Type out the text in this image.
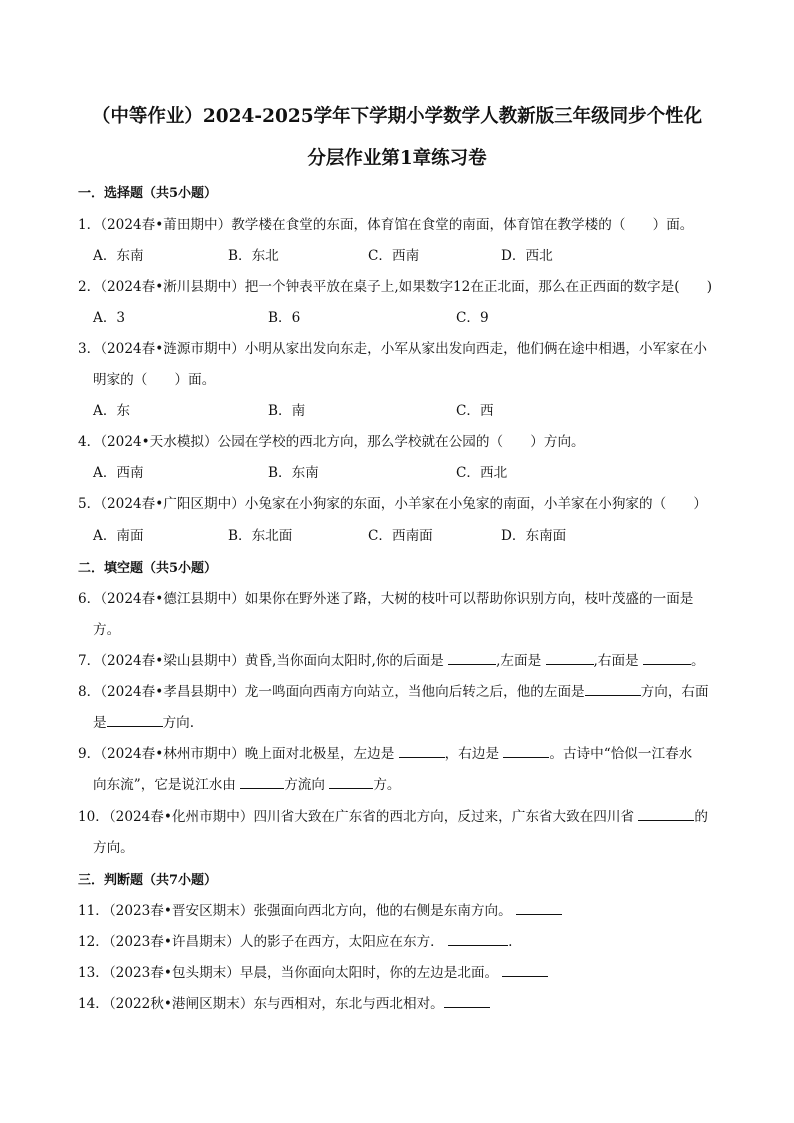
（中等作业）2024-2025学年下学期小学数学人教新版三年级同步个性化
分层作业第1章练习卷
一．选择题（共5小题）
1．（2024春•莆田期中）教学楼在食堂的东面，体育馆在食堂的南面，体育馆在教学楼的（　　）面。
A．东南	B．东北	C．西南	D．西北
2．（2024春•淅川县期中）把一个钟表平放在桌子上,如果数字12在正北面，那么在正西面的数字是(　　)
A．3	B．6	C．9
3．（2024春•涟源市期中）小明从家出发向东走，小军从家出发向西走，他们俩在途中相遇，小军家在小
明家的（　　）面。
A．东	B．南	C．西
4．（2024•天水模拟）公园在学校的西北方向，那么学校就在公园的（　　）方向。
A．西南	B．东南	C．西北
5．（2024春•广阳区期中）小兔家在小狗家的东面，小羊家在小兔家的南面，小羊家在小狗家的（　　）
A．南面	B．东北面	C．西南面	D．东南面
二．填空题（共5小题）
6．（2024春•德江县期中）如果你在野外迷了路，大树的枝叶可以帮助你识别方向，枝叶茂盛的一面是
方。
7．（2024春•梁山县期中）黄昏,当你面向太阳时,你的后面是	,左面是	,右面是	。
8．（2024春•孝昌县期中）龙一鸣面向西南方向站立，当他向后转之后，他的左面是	方向，右面
是	方向.
9．（2024春•林州市期中）晚上面对北极星，左边是	，右边是	。古诗中“恰似一江春水
向东流”，它是说江水由	方流向	方。
10．（2024春•化州市期中）四川省大致在广东省的西北方向，反过来，广东省大致在四川省	的
方向。
三．判断题（共7小题）
11．（2023春•晋安区期末）张强面向西北方向，他的右侧是东南方向。
12．（2023春•许昌期末）人的影子在西方，太阳应在东方．	.
13．（2023春•包头期末）早晨，当你面向太阳时，你的左边是北面。
14．（2022秋•港闸区期末）东与西相对，东北与西北相对。
